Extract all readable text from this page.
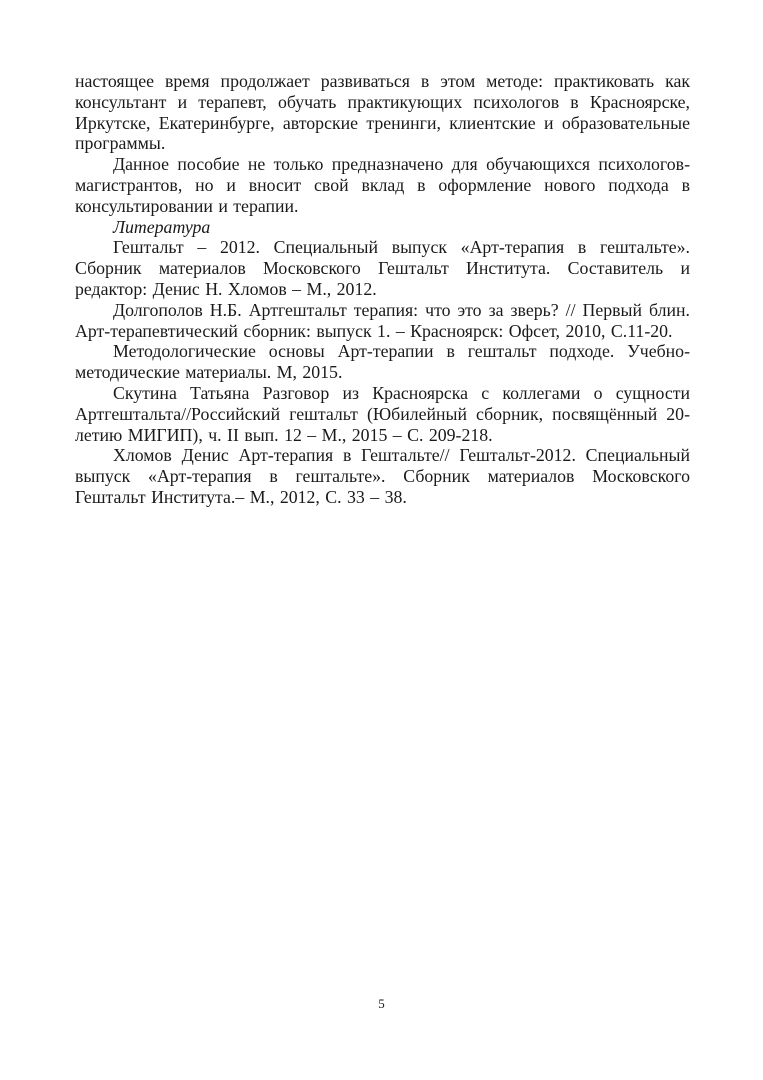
настоящее время продолжает развиваться в этом методе: практиковать как консультант и терапевт, обучать практикующих психологов в Красноярске, Иркутске, Екатеринбурге, авторские тренинги, клиентские и образовательные программы.

Данное пособие не только предназначено для обучающихся психологов-магистрантов, но и вносит свой вклад в оформление нового подхода в консультировании и терапии.

Литература

Гештальт – 2012. Специальный выпуск «Арт-терапия в гештальте». Сборник материалов Московского Гештальт Института. Составитель и редактор: Денис Н. Хломов – М., 2012.

Долгополов Н.Б. Артгештальт терапия: что это за зверь? // Первый блин. Арт-терапевтический сборник: выпуск 1. – Красноярск: Офсет, 2010, С.11-20.

Методологические основы Арт-терапии в гештальт подходе. Учебно-методические материалы. М, 2015.

Скутина Татьяна Разговор из Красноярска с коллегами о сущности Артгештальта//Российский гештальт (Юбилейный сборник, посвящённый 20-летию МИГИП), ч. II вып. 12 – М., 2015 – С. 209-218.

Хломов Денис Арт-терапия в Гештальте// Гештальт-2012. Специальный выпуск «Арт-терапия в гештальте». Сборник материалов Московского Гештальт Института.– М., 2012, С. 33 – 38.

5
